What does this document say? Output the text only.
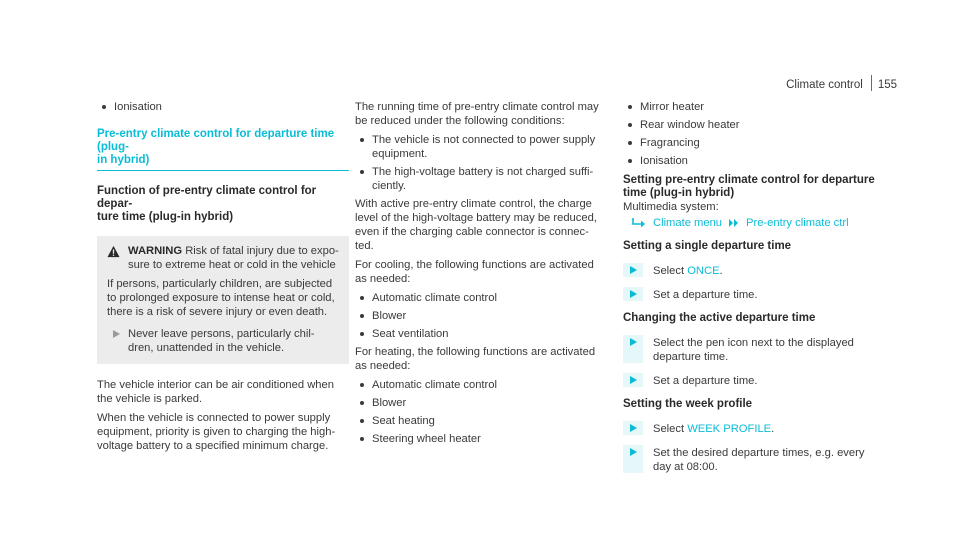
Climate control 155
Ionisation
Pre-entry climate control for departure time (plug-
in hybrid)
Function of pre-entry climate control for depar-
ture time (plug-in hybrid)
WARNING Risk of fatal injury due to expo-
sure to extreme heat or cold in the vehicle
If persons, particularly children, are subjected
to prolonged exposure to intense heat or cold,
there is a risk of severe injury or even death.
Never leave persons, particularly chil-
dren, unattended in the vehicle.
The vehicle interior can be air conditioned when
the vehicle is parked.
When the vehicle is connected to power supply
equipment, priority is given to charging the high-
voltage battery to a specified minimum charge.
The running time of pre-entry climate control may
be reduced under the following conditions:
The vehicle is not connected to power supply
equipment.
The high-voltage battery is not charged suffi-
ciently.
With active pre-entry climate control, the charge
level of the high-voltage battery may be reduced,
even if the charging cable connector is connec-
ted.
For cooling, the following functions are activated
as needed:
Automatic climate control
Blower
Seat ventilation
For heating, the following functions are activated
as needed:
Automatic climate control
Blower
Seat heating
Steering wheel heater
Mirror heater
Rear window heater
Fragrancing
Ionisation
Setting pre-entry climate control for departure
time (plug-in hybrid)
Multimedia system:
Climate menu Pre-entry climate ctrl
Setting a single departure time
Select ONCE.
Set a departure time.
Changing the active departure time
Select the pen icon next to the displayed
departure time.
Set a departure time.
Setting the week profile
Select WEEK PROFILE.
Set the desired departure times, e.g. every
day at 08:00.
